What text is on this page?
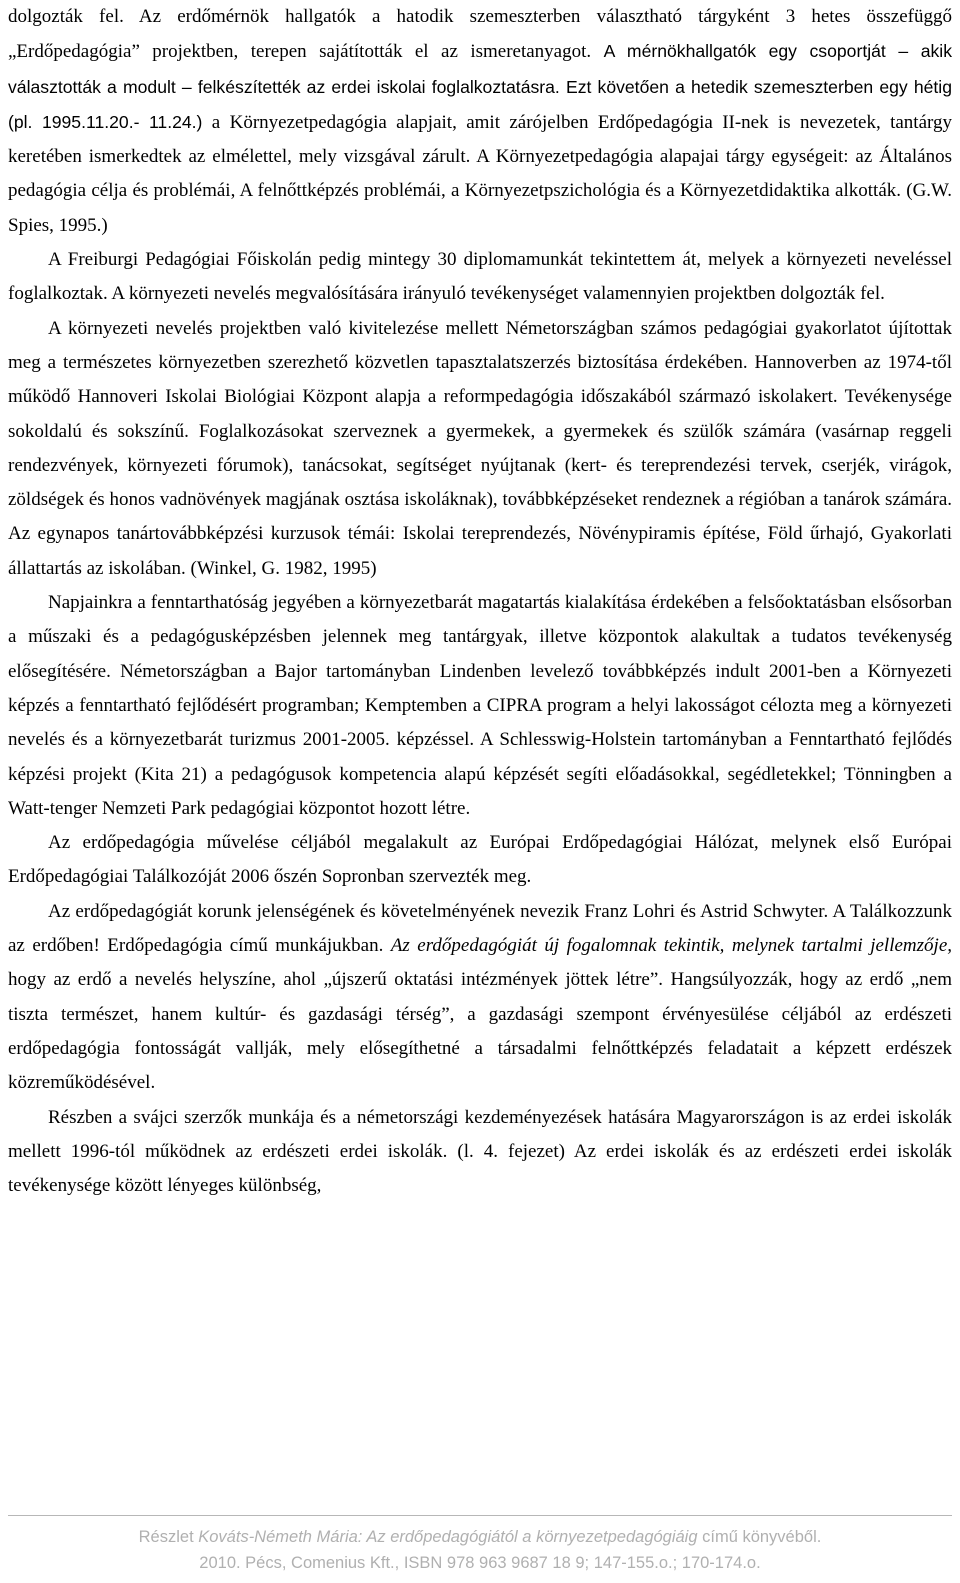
dolgozták fel. Az erdőmérnök hallgatók a hatodik szemeszterben választható tárgyként 3 hetes összefüggő „Erdőpedagógia” projektben, terepen sajátították el az ismeretanyagot. A mérnökhallgatók egy csoportját – akik választották a modult – felkészítették az erdei iskolai foglalkoztatásra. Ezt követően a hetedik szemeszterben egy hétig (pl. 1995.11.20.- 11.24.) a Környezetpedagógia alapjait, amit zárójelben Erdőpedagógia II-nek is nevezetek, tantárgy keretében ismerkedtek az elmélettel, mely vizsgával zárult. A Környezetpedagógia alapajai tárgy egységeit: az Általános pedagógia célja és problémái, A felnőttképzés problémái, a Környezetpszichológia és a Környezetdidaktika alkották. (G.W. Spies, 1995.)

A Freiburgi Pedagógiai Főiskolán pedig mintegy 30 diplomamunkát tekintettem át, melyek a környezeti neveléssel foglalkoztak. A környezeti nevelés megvalósítására irányuló tevékenységet valamennyien projektben dolgozták fel.

A környezeti nevelés projektben való kivitelezése mellett Németországban számos pedagógiai gyakorlatot újítottak meg a természetes környezetben szerezhető közvetlen tapasztalatszerzés biztosítása érdekében. Hannoverben az 1974-től működő Hannoveri Iskolai Biológiai Központ alapja a reformpedagógia időszakából származó iskolakert. Tevékenysége sokoldalú és sokszínű. Foglalkozásokat szerveznek a gyermekek, a gyermekek és szülők számára (vasárnap reggeli rendezvények, környezeti fórumok), tanácsokat, segítséget nyújtanak (kert- és tereprendezési tervek, cserjék, virágok, zöldségek és honos vadnövények magjának osztása iskoláknak), továbbképzéseket rendeznek a régióban a tanárok számára. Az egynapos tanártovábbképzési kurzusok témái: Iskolai tereprendezés, Növénypiramis építése, Föld űrhajó, Gyakorlati állattartás az iskolában. (Winkel, G. 1982, 1995)

Napjainkra a fenntarthatóság jegyében a környezetbarát magatartás kialakítása érdekében a felsőoktatásban elsősorban a műszaki és a pedagógusképzésben jelennek meg tantárgyak, illetve központok alakultak a tudatos tevékenység elősegítésére. Németországban a Bajor tartományban Lindenben levelező továbbképzés indult 2001-ben a Környezeti képzés a fenntartható fejlődésért programban; Kemptemben a CIPRA program a helyi lakosságot célozta meg a környezeti nevelés és a környezetbarát turizmus 2001-2005. képzéssel. A Schlesswig-Holstein tartományban a Fenntartható fejlődés képzési projekt (Kita 21) a pedagógusok kompetencia alapú képzését segíti előadásokkal, segédletekkel; Tönningben a Watt-tenger Nemzeti Park pedagógiai központot hozott létre.

Az erdőpedagógia művelése céljából megalakult az Európai Erdőpedagógiai Hálózat, melynek első Európai Erdőpedagógiai Találkozóját 2006 őszén Sopronban szervezték meg.

Az erdőpedagógiát korunk jelenségének és követelményének nevezik Franz Lohri és Astrid Schwyter. A Találkozzunk az erdőben! Erdőpedagógia című munkájukban. Az erdőpedagógiát új fogalomnak tekintik, melynek tartalmi jellemzője, hogy az erdő a nevelés helyszíne, ahol „újszerű oktatási intézmények jöttek létre”. Hangsúlyozzák, hogy az erdő „nem tiszta természet, hanem kultúr- és gazdasági térség”, a gazdasági szempont érvényesülése céljából az erdészeti erdőpedagógia fontosságát vallják, mely elősegíthetné a társadalmi felnőttképzés feladatait a képzett erdészek közreműködésével.

Részben a svájci szerzők munkája és a németországi kezdeményezések hatására Magyarországon is az erdei iskolák mellett 1996-tól működnek az erdészeti erdei iskolák. (l. 4. fejezet) Az erdei iskolák és az erdészeti erdei iskolák tevékenysége között lényeges különbség,

Részlet Kováts-Németh Mária: Az erdőpedagógiától a környezetpedagógiáig című könyvéből.
2010. Pécs, Comenius Kft., ISBN 978 963 9687 18 9; 147-155.o.; 170-174.o.
